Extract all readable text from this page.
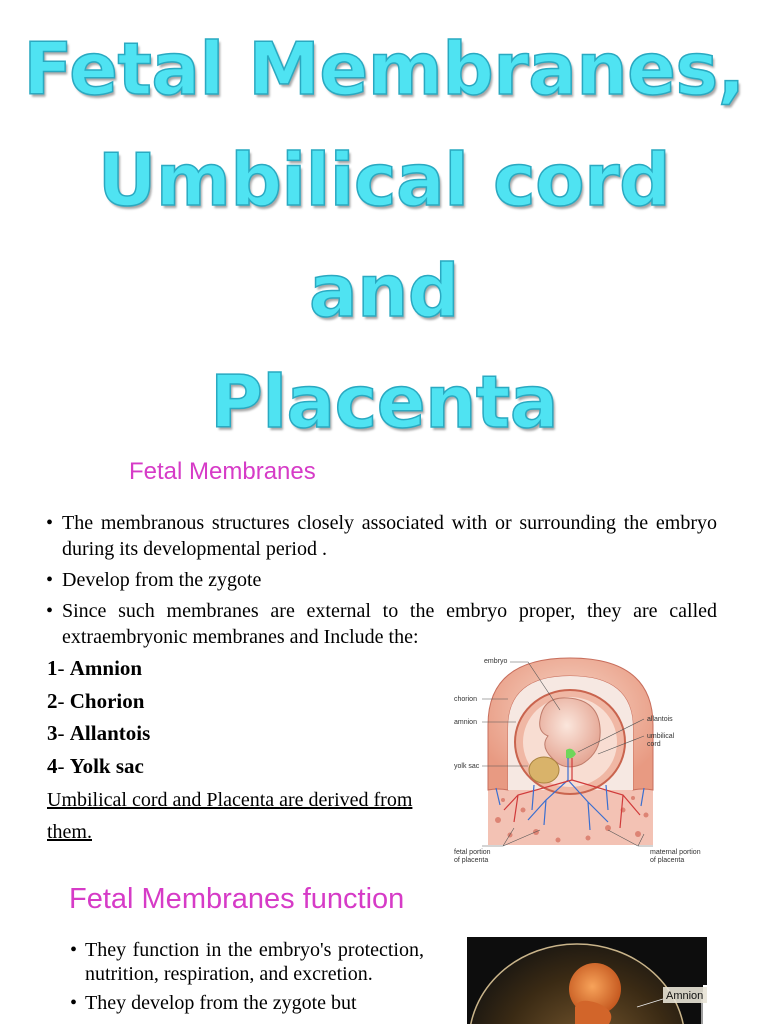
Fetal Membranes,
Umbilical cord
and
Placenta
Fetal Membranes
• The membranous structures closely associated with or surrounding the embryo during its developmental period .
• Develop from the zygote
• Since such membranes are external to the embryo proper, they are called extraembryonic membranes and Include the:
1- Amnion
2- Chorion
3- Allantois
4- Yolk sac
Umbilical cord and Placenta are derived from them.
embryo
chorion
amnion
yolk sac
allantois
umbilical
cord
fetal portion
of placenta
maternal portion
of placenta
Fetal Membranes function
• They function in the embryo's protection, nutrition, respiration, and excretion.
• They develop from the zygote but	Amnion
